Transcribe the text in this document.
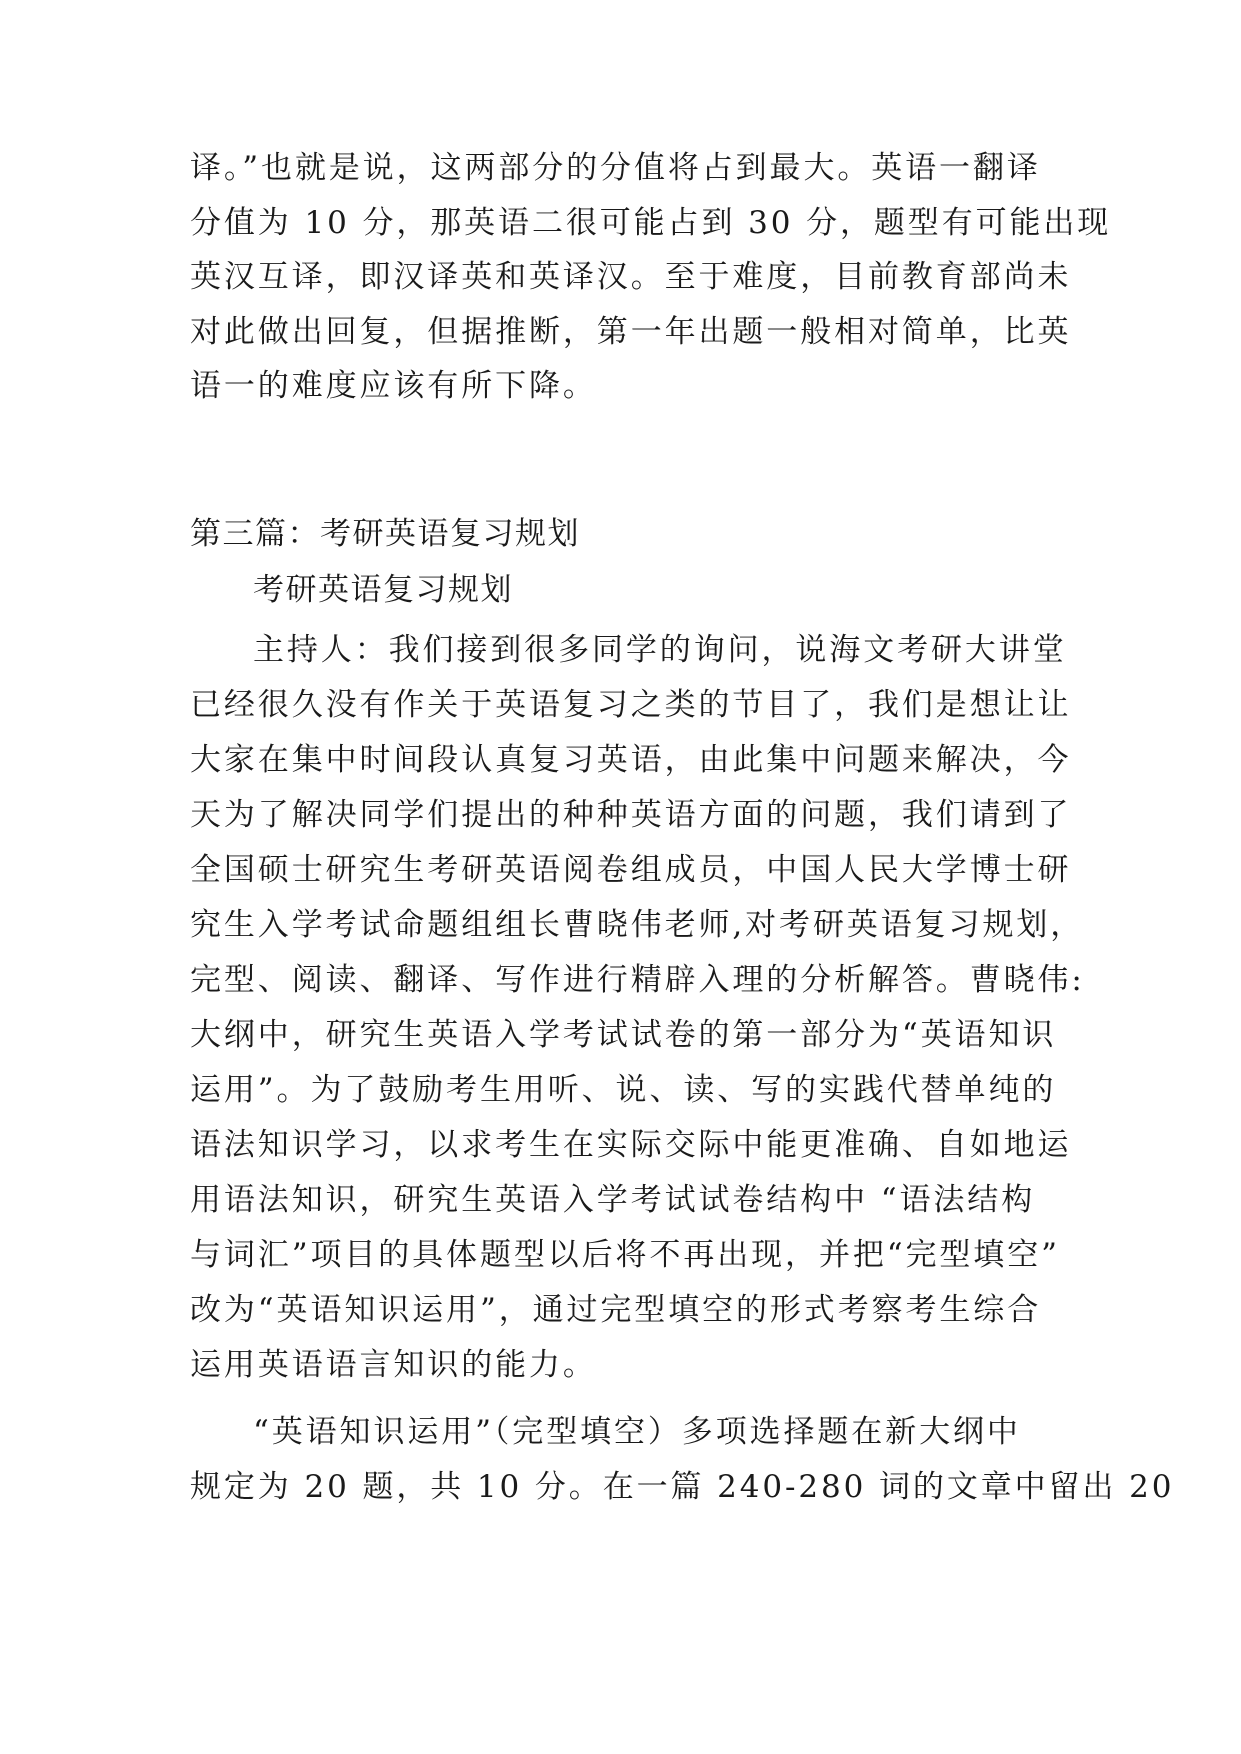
译。”也就是说，这两部分的分值将占到最大。英语一翻译
分值为 10 分，那英语二很可能占到 30 分，题型有可能出现
英汉互译，即汉译英和英译汉。至于难度，目前教育部尚未
对此做出回复，但据推断，第一年出题一般相对简单，比英
语一的难度应该有所下降。
第三篇：考研英语复习规划
考研英语复习规划
主持人：我们接到很多同学的询问，说海文考研大讲堂
已经很久没有作关于英语复习之类的节目了，我们是想让让
大家在集中时间段认真复习英语，由此集中问题来解决，今
天为了解决同学们提出的种种英语方面的问题，我们请到了
全国硕士研究生考研英语阅卷组成员，中国人民大学博士研
究生入学考试命题组组长曹晓伟老师,对考研英语复习规划，
完型、阅读、翻译、写作进行精辟入理的分析解答。曹晓伟:
大纲中，研究生英语入学考试试卷的第一部分为“英语知识
运用”。为了鼓励考生用听、说、读、写的实践代替单纯的
语法知识学习，以求考生在实际交际中能更准确、自如地运
用语法知识，研究生英语入学考试试卷结构中 “语法结构
与词汇”项目的具体题型以后将不再出现，并把“完型填空”
改为“英语知识运用”，通过完型填空的形式考察考生综合
运用英语语言知识的能力。
“英语知识运用”（完型填空）多项选择题在新大纲中
规定为 20 题，共 10 分。在一篇 240-280 词的文章中留出 20
